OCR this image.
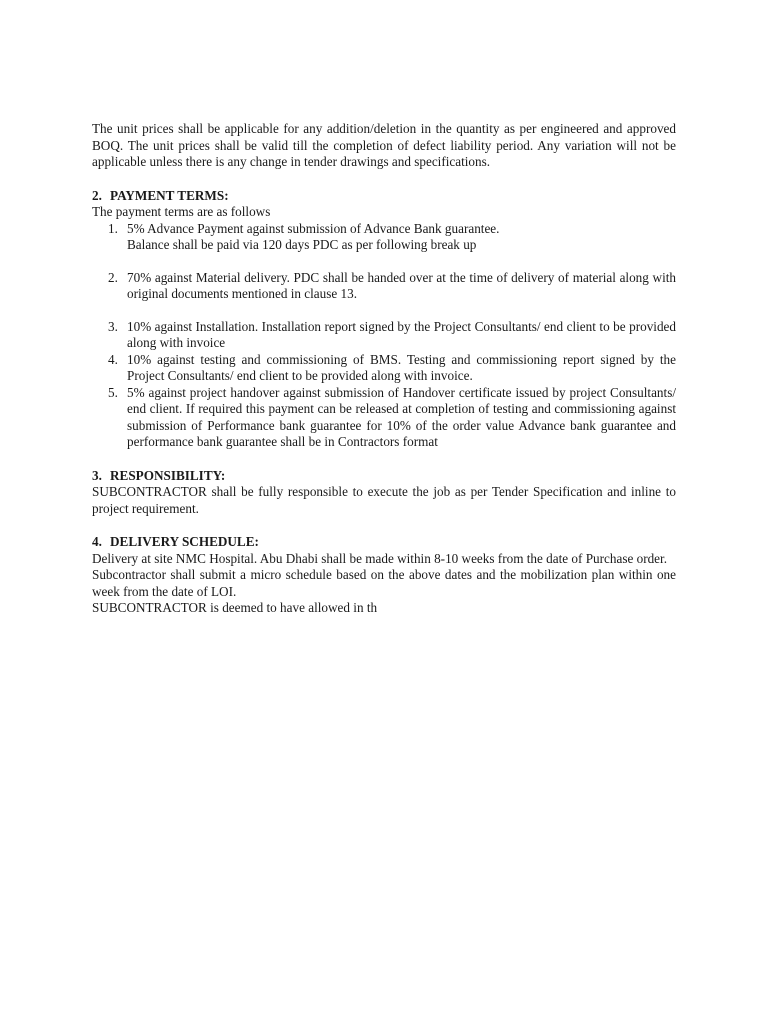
The unit prices shall be applicable for any addition/deletion in the quantity as per engineered and approved BOQ. The unit prices shall be valid till the completion of defect liability period. Any variation will not be applicable unless there is any change in tender drawings and specifications.

2. PAYMENT TERMS:

The payment terms are as follows

1. 5% Advance Payment against submission of Advance Bank guarantee.
Balance shall be paid via 120 days PDC as per following break up
2. 70% against Material delivery. PDC shall be handed over at the time of delivery of material along with original documents mentioned in clause 13.
3. 10% against Installation. Installation report signed by the Project Consultants/ end client to be provided along with invoice
4. 10% against testing and commissioning of BMS. Testing and commissioning report signed by the Project Consultants/ end client to be provided along with invoice.
5. 5% against project handover against submission of Handover certificate issued by project Consultants/ end client. If required this payment can be released at completion of testing and commissioning against submission of Performance bank guarantee for 10% of the order value Advance bank guarantee and performance bank guarantee shall be in Contractors format

3. RESPONSIBILITY:

SUBCONTRACTOR shall be fully responsible to execute the job as per Tender Specification and inline to project requirement.

4. DELIVERY SCHEDULE:

Delivery at site NMC Hospital. Abu Dhabi shall be made within 8-10 weeks from the date of Purchase order.

Subcontractor shall submit a micro schedule based on the above dates and the mobilization plan within one week from the date of LOI.

SUBCONTRACTOR is deemed to have allowed in th
